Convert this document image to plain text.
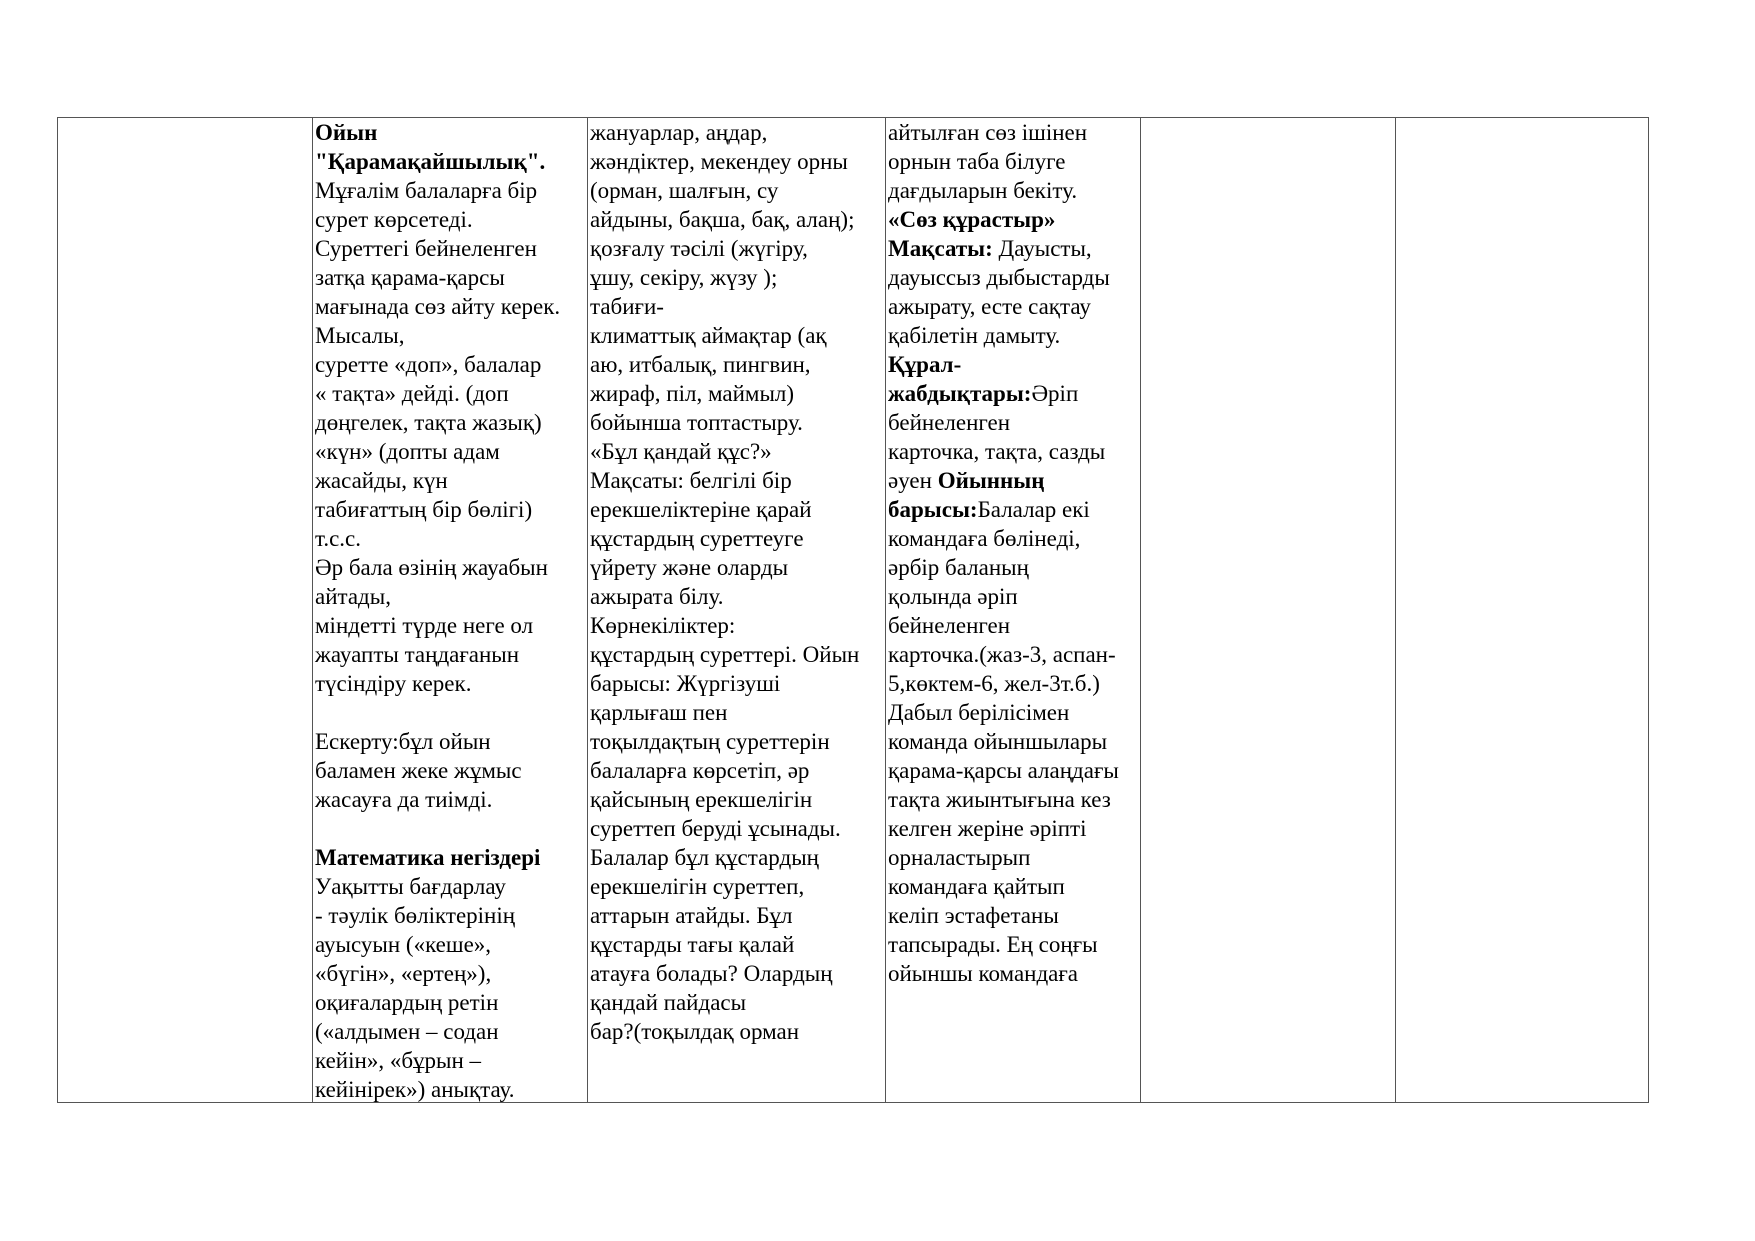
Ойын
"Қарамақайшылық".
Мұғалім балаларға бір
сурет көрсетеді.
Суреттегі бейнеленген
затқа қарама-қарсы
мағынада сөз айту керек.
Мысалы,
суретте «доп», балалар
« тақта» дейді. (доп
дөңгелек, тақта жазық)
«күн» (допты адам
жасайды, күн
табиғаттың бір бөлігі)
т.с.с.
Әр бала өзінің жауабын
айтады,
міндетті түрде неге ол
жауапты таңдағанын
түсіндіру керек.
Ескерту:бұл ойын
баламен жеке жұмыс
жасауға да тиімді.
Математика негіздері
Уақытты бағдарлау
- тәулік бөліктерінің
ауысуын («кеше»,
«бүгін», «ертең»),
оқиғалардың ретін
(«алдымен – содан
кейін», «бұрын –
кейінірек») анықтау.
жануарлар, аңдар,
жәндіктер, мекендеу орны
(орман, шалғын, су
айдыны, бақша, бақ, алаң);
қозғалу тәсілі (жүгіру,
ұшу, секіру, жүзу );
табиғи-
климаттық аймақтар (ақ
аю, итбалық, пингвин,
жираф, піл, маймыл)
бойынша топтастыру.
«Бұл қандай құс?»
Мақсаты: белгілі бір
ерекшеліктеріне қарай
құстардың суреттеуге
үйрету және оларды
ажырата білу.
Көрнекіліктер:
құстардың суреттері. Ойын
барысы: Жүргізуші
қарлығаш пен
тоқылдақтың суреттерін
балаларға көрсетіп, әр
қайсының ерекшелігін
суреттеп беруді ұсынады.
Балалар бұл құстардың
ерекшелігін суреттеп,
аттарын атайды. Бұл
құстарды тағы қалай
атауға болады? Олардың
қандай пайдасы
бар?(тоқылдақ орман
айтылған сөз ішінен
орнын таба білуге
дағдыларын бекіту.
«Сөз құрастыр»
Мақсаты: Дауысты,
дауыссыз дыбыстарды
ажырату, есте сақтау
қабілетін дамыту.
Құрал-
жабдықтары:Әріп
бейнеленген
карточка, тақта, сазды
әуен Ойынның
барысы:Балалар екі
командаға бөлінеді,
әрбір баланың
қолында әріп
бейнеленген
карточка.(жаз-3, аспан-
5,көктем-6, жел-3т.б.)
Дабыл берілісімен
команда ойыншылары
қарама-қарсы алаңдағы
тақта жиынтығына кез
келген жеріне әріпті
орналастырып
командаға қайтып
келіп эстафетаны
тапсырады. Ең соңғы
ойыншы командаға
